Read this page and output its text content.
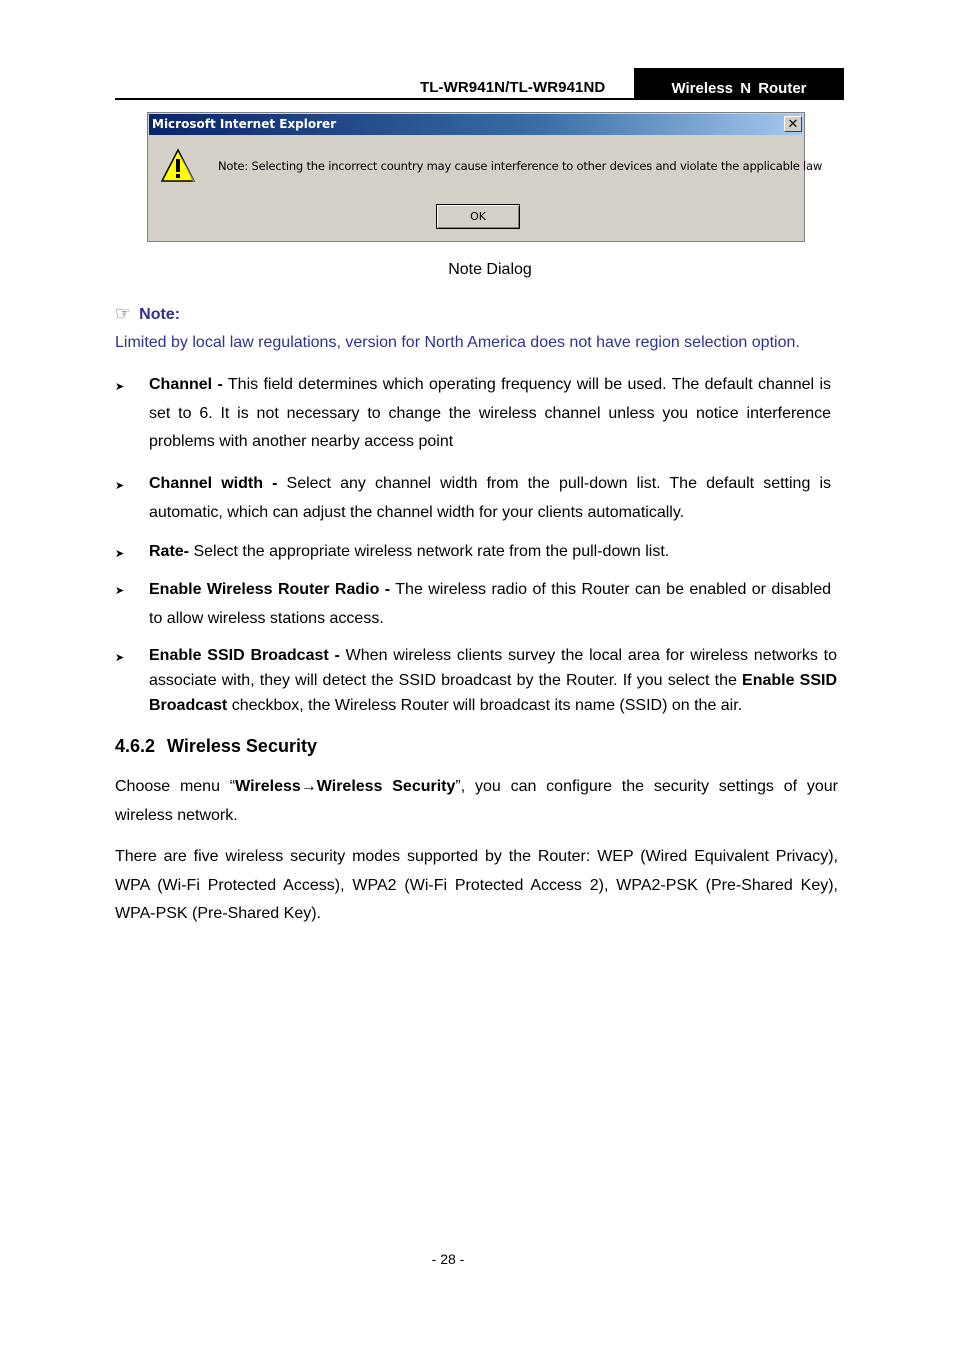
TL-WR941N/TL-WR941ND	Wireless N Router
Microsoft Internet Explorer	✕
Note: Selecting the incorrect country may cause interference to other devices and violate the applicable law
OK
Note Dialog
☞ Note:
Limited by local law regulations, version for North America does not have region selection option.
➤ Channel - This field determines which operating frequency will be used. The default channel is set to 6. It is not necessary to change the wireless channel unless you notice interference problems with another nearby access point
➤ Channel width - Select any channel width from the pull-down list. The default setting is automatic, which can adjust the channel width for your clients automatically.
➤ Rate- Select the appropriate wireless network rate from the pull-down list.
➤ Enable Wireless Router Radio - The wireless radio of this Router can be enabled or disabled to allow wireless stations access.
➤ Enable SSID Broadcast - When wireless clients survey the local area for wireless networks to associate with, they will detect the SSID broadcast by the Router. If you select the Enable SSID Broadcast checkbox, the Wireless Router will broadcast its name (SSID) on the air.
4.6.2 Wireless Security
Choose menu “Wireless→Wireless Security”, you can configure the security settings of your wireless network.
There are five wireless security modes supported by the Router: WEP (Wired Equivalent Privacy), WPA (Wi-Fi Protected Access), WPA2 (Wi-Fi Protected Access 2), WPA2-PSK (Pre-Shared Key), WPA-PSK (Pre-Shared Key).
- 28 -
